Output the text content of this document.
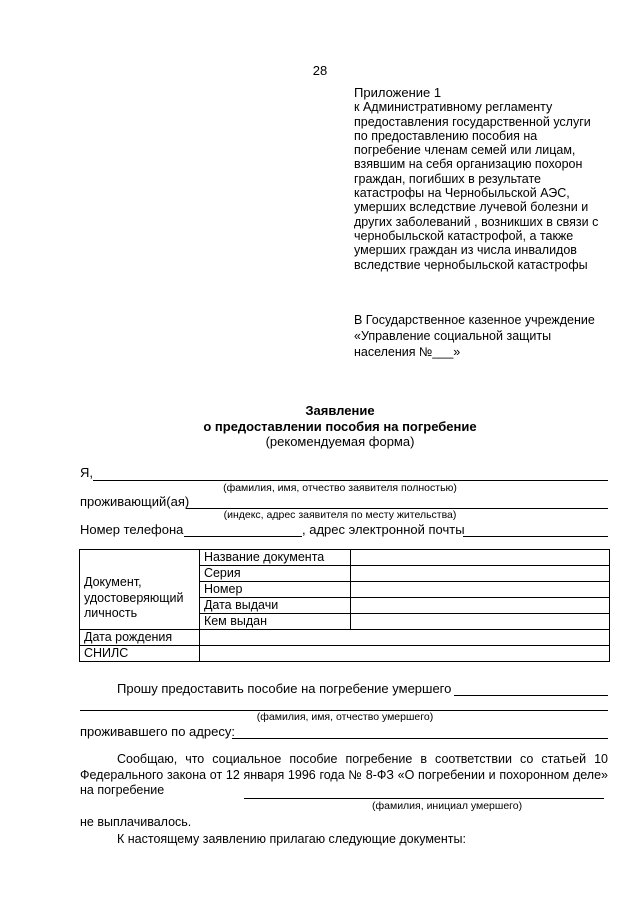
28
Приложение 1
к Административному регламенту
предоставления государственной услуги
по предоставлению пособия на
погребение членам семей или лицам,
взявшим на себя организацию похорон
граждан, погибших в результате
катастрофы на Чернобыльской АЭС,
умерших вследствие лучевой болезни и
других заболеваний , возникших в связи с
чернобыльской катастрофой, а также
умерших граждан из числа инвалидов
вследствие чернобыльской катастрофы
В Государственное казенное учреждение
«Управление социальной защиты
населения №___»
Заявление
о предоставлении пособия на погребение
(рекомендуемая форма)
Я,
(фамилия, имя, отчество заявителя полностью)
проживающий(ая)
(индекс, адрес заявителя по месту жительства)
Номер телефона	, адрес электронной почты
Документ, удостоверяющий личность	Название документа	
	Серия	
	Номер	
	Дата выдачи	
	Кем выдан	
Дата рождения		
СНИЛС		
Прошу предоставить пособие на погребение умершего
(фамилия, имя, отчество умершего)
проживавшего по адресу:
Сообщаю, что социальное пособие погребение в соответствии со статьей 10 Федерального закона от 12 января 1996 года № 8-ФЗ «О погребении и похоронном деле» на погребение
(фамилия, инициал умершего)
не выплачивалось.
К настоящему заявлению прилагаю следующие документы:
